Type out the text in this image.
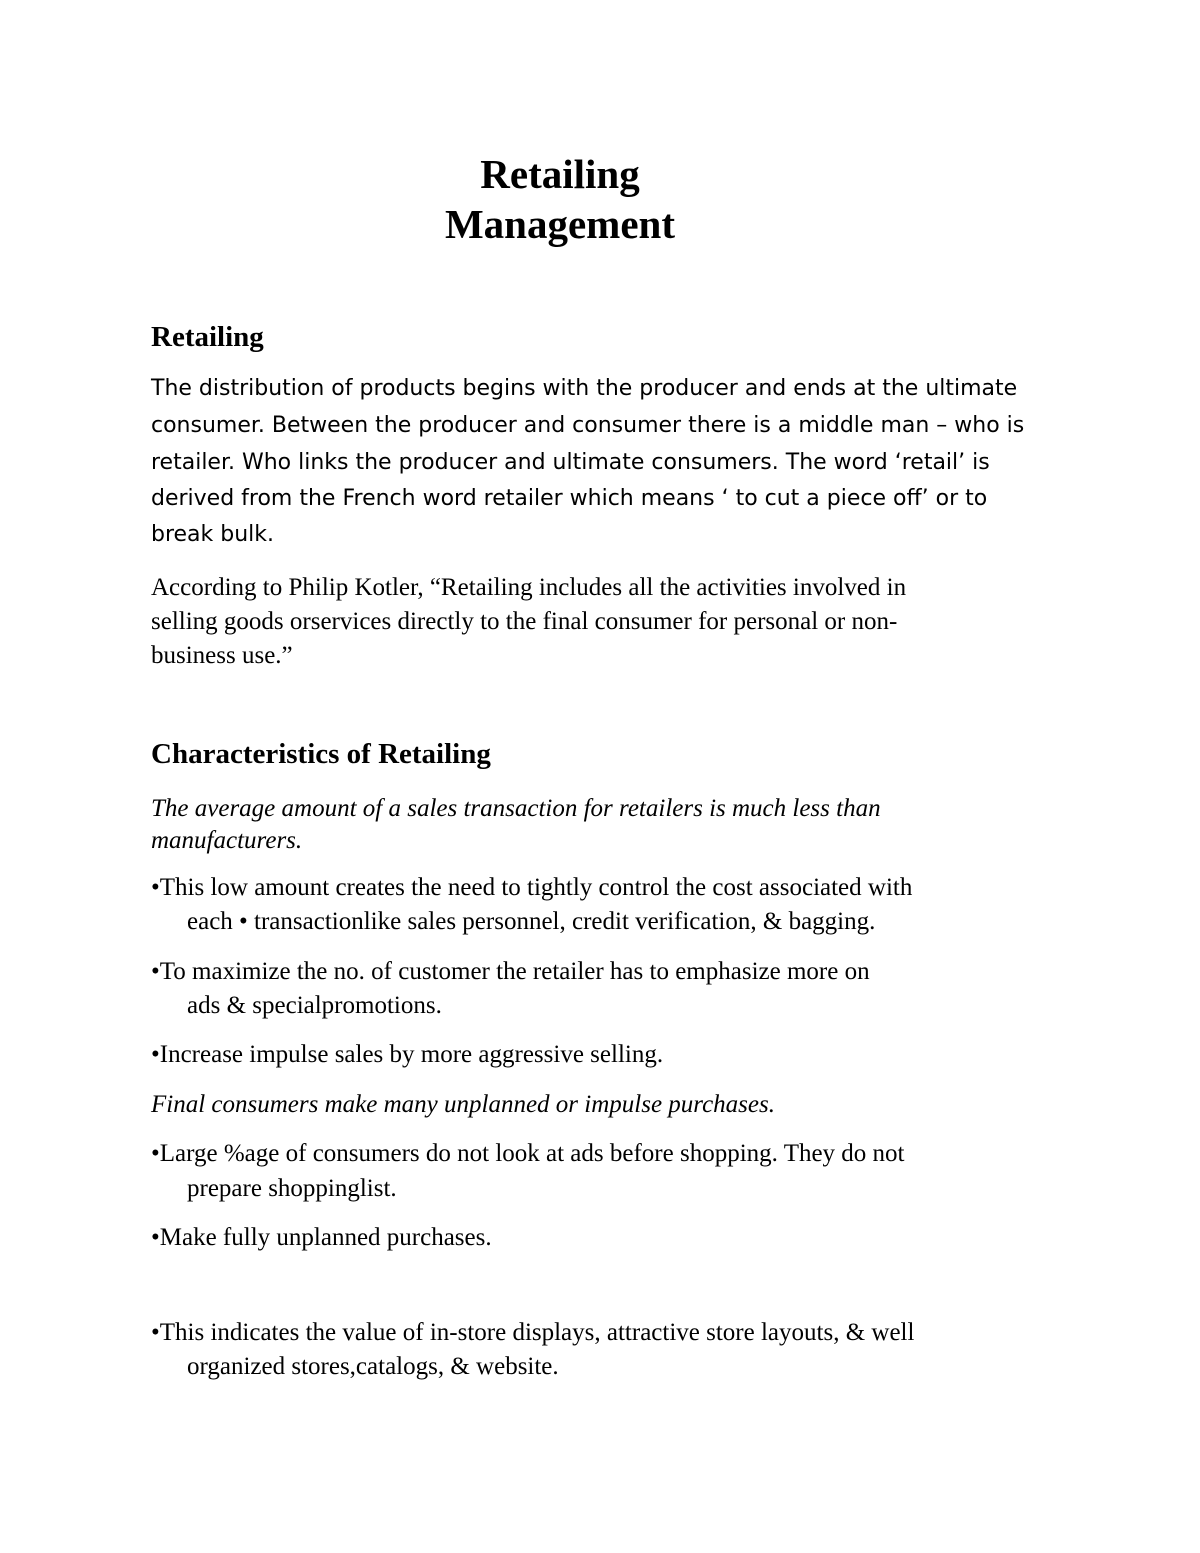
Retailing
Management
Retailing
The distribution of products begins with the producer and ends at the ultimate
consumer. Between the producer and consumer there is a middle man – who is
retailer. Who links the producer and ultimate consumers. The word ‘retail’ is
derived from the French word retailer which means ‘ to cut a piece off’ or to
break bulk.
According to Philip Kotler, “Retailing includes all the activities involved in
selling goods orservices directly to the final consumer for personal or non-
business use.”
Characteristics of Retailing
The average amount of a sales transaction for retailers is much less than
manufacturers.
•This low amount creates the need to tightly control the cost associated with
each • transactionlike sales personnel, credit verification, & bagging.
•To maximize the no. of customer the retailer has to emphasize more on
ads & specialpromotions.
•Increase impulse sales by more aggressive selling.
Final consumers make many unplanned or impulse purchases.
•Large %age of consumers do not look at ads before shopping. They do not
prepare shoppinglist.
•Make fully unplanned purchases.
•This indicates the value of in-store displays, attractive store layouts, & well
organized stores,catalogs, & website.
